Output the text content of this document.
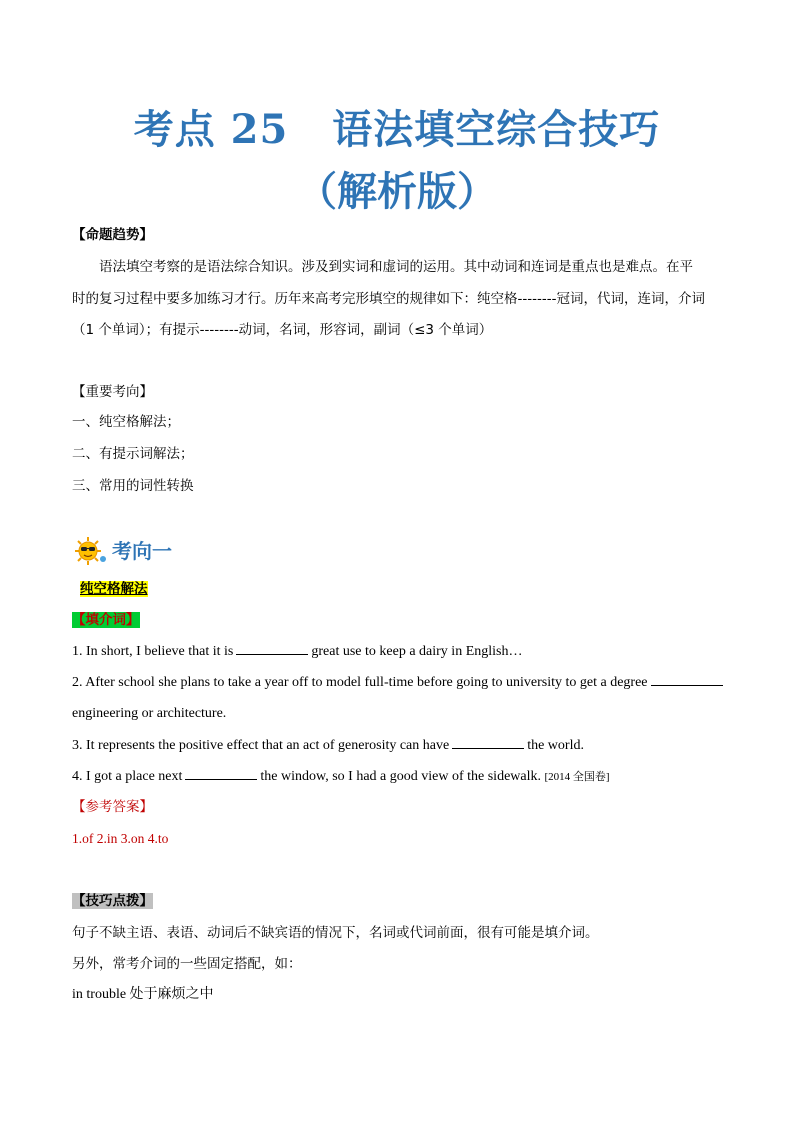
考点 25 语法填空综合技巧
（解析版）
【命题趋势】
语法填空考察的是语法综合知识。涉及到实词和虚词的运用。其中动词和连词是重点也是难点。在平
时的复习过程中要多加练习才行。历年来高考完形填空的规律如下：纯空格--------冠词，代词，连词，介词
（1 个单词）；有提示--------动词，名词，形容词，副词（≤3 个单词）
【重要考向】
一、纯空格解法；
二、有提示词解法；
三、常用的词性转换
考向一
纯空格解法
【填介词】
1. In short, I believe that it is	great use to keep a dairy in English…
2. After school she plans to take a year off to model full-time before going to university to get a degree
engineering or architecture.
3. It represents the positive effect that an act of generosity can have	the world.
4. I got a place next	the window, so I had a good view of the sidewalk. [2014 全国卷]
【参考答案】
1.of 2.in 3.on 4.to
【技巧点拨】
句子不缺主语、表语、动词后不缺宾语的情况下，名词或代词前面，很有可能是填介词。
另外，常考介词的一些固定搭配，如：
in trouble 处于麻烦之中
